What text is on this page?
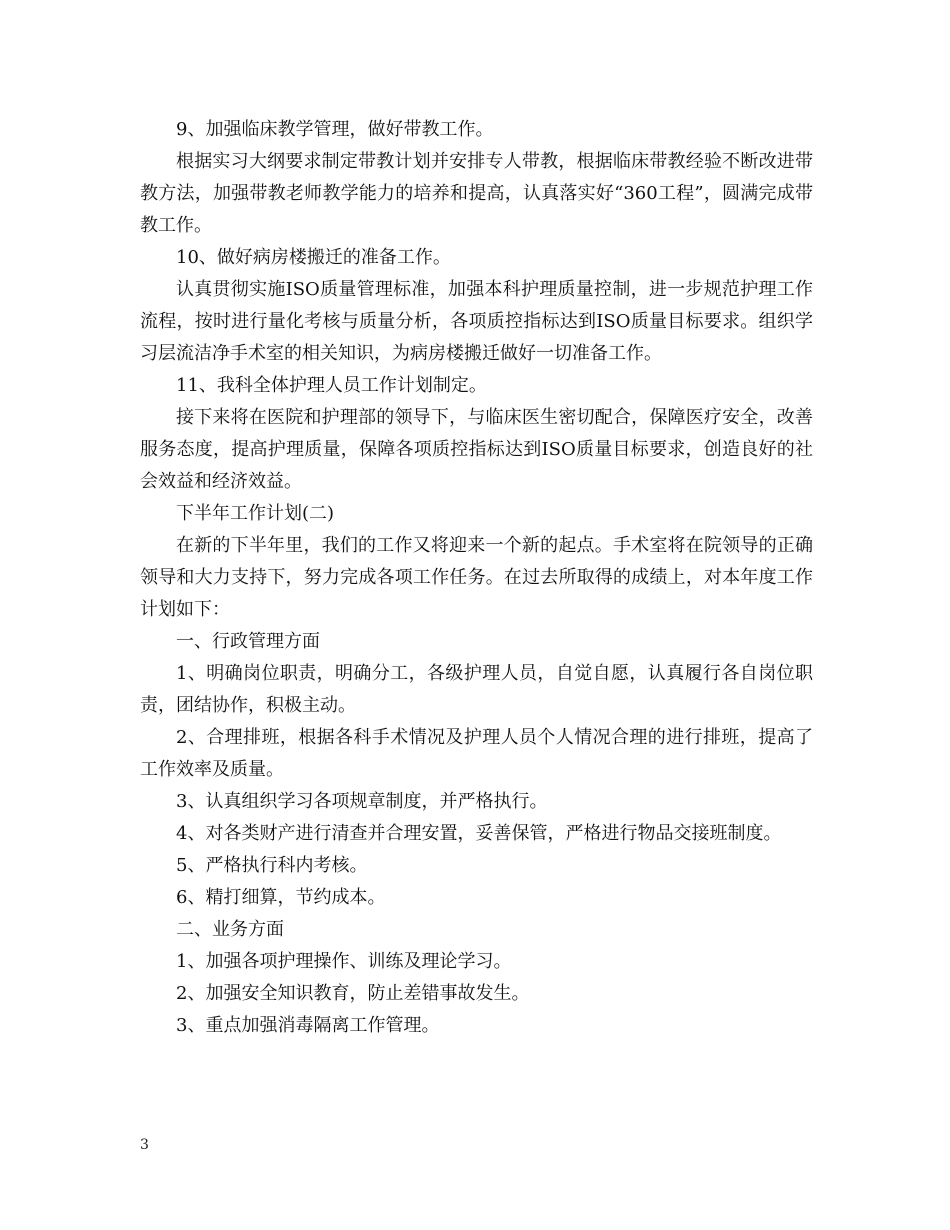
9、加强临床教学管理，做好带教工作。

根据实习大纲要求制定带教计划并安排专人带教，根据临床带教经验不断改进带教方法，加强带教老师教学能力的培养和提高，认真落实好“360工程”，圆满完成带教工作。

10、做好病房楼搬迁的准备工作。

认真贯彻实施ISO质量管理标准，加强本科护理质量控制，进一步规范护理工作流程，按时进行量化考核与质量分析，各项质控指标达到ISO质量目标要求。组织学习层流洁净手术室的相关知识，为病房楼搬迁做好一切准备工作。

11、我科全体护理人员工作计划制定。

接下来将在医院和护理部的领导下，与临床医生密切配合，保障医疗安全，改善服务态度，提高护理质量，保障各项质控指标达到ISO质量目标要求，创造良好的社会效益和经济效益。

下半年工作计划(二)

在新的下半年里，我们的工作又将迎来一个新的起点。手术室将在院领导的正确领导和大力支持下，努力完成各项工作任务。在过去所取得的成绩上，对本年度工作计划如下：

一、行政管理方面

1、明确岗位职责，明确分工，各级护理人员，自觉自愿，认真履行各自岗位职责，团结协作，积极主动。

2、合理排班，根据各科手术情况及护理人员个人情况合理的进行排班，提高了工作效率及质量。

3、认真组织学习各项规章制度，并严格执行。

4、对各类财产进行清查并合理安置，妥善保管，严格进行物品交接班制度。

5、严格执行科内考核。

6、精打细算，节约成本。

二、业务方面

1、加强各项护理操作、训练及理论学习。

2、加强安全知识教育，防止差错事故发生。

3、重点加强消毒隔离工作管理。

3
